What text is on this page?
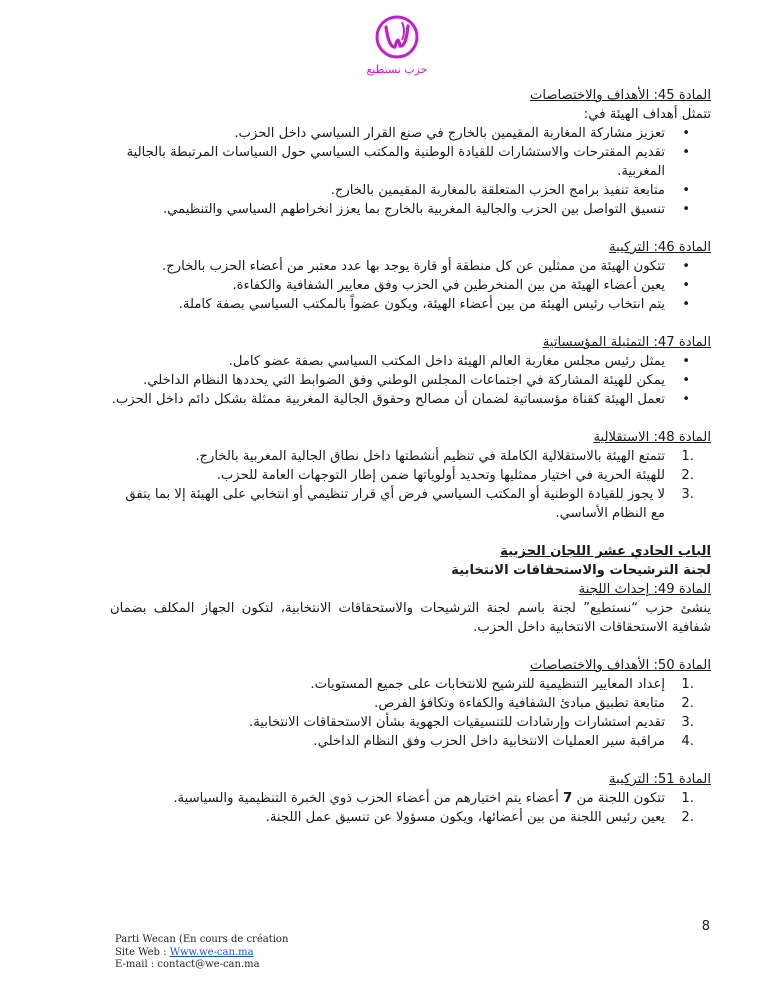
حزب نستطيع

المادة 45: الأهداف والاختصاصات

تتمثل أهداف الهيئة في:

• تعزيز مشاركة المغاربة المقيمين بالخارج في صنع القرار السياسي داخل الحزب.
• تقديم المقترحات والاستشارات للقيادة الوطنية والمكتب السياسي حول السياسات المرتبطة بالجالية المغربية.
• متابعة تنفيذ برامج الحزب المتعلقة بالمغاربة المقيمين بالخارج.
• تنسيق التواصل بين الحزب والجالية المغربية بالخارج بما يعزز انخراطهم السياسي والتنظيمي.

المادة 46: التركيبة

• تتكون الهيئة من ممثلين عن كل منطقة أو قارة يوجد بها عدد معتبر من أعضاء الحزب بالخارج.
• يعين أعضاء الهيئة من بين المنخرطين في الحزب وفق معايير الشفافية والكفاءة.
• يتم انتخاب رئيس الهيئة من بين أعضاء الهيئة، ويكون عضواً بالمكتب السياسي بصفة كاملة.

المادة 47: التمثيلة المؤسساتية

• يمثل رئيس مجلس مغاربة العالم الهيئة داخل المكتب السياسي بصفة عضو كامل.
• يمكن للهيئة المشاركة في اجتماعات المجلس الوطني وفق الضوابط التي يحددها النظام الداخلي.
• تعمل الهيئة كقناة مؤسساتية لضمان أن مصالح وحقوق الجالية المغربية ممثلة بشكل دائم داخل الحزب.

المادة 48: الاستقلالية

1.
تتمتع الهيئة بالاستقلالية الكاملة في تنظيم أنشطتها داخل نطاق الجالية المغربية بالخارج.
2.
للهيئة الحرية في اختيار ممثليها وتحديد أولوياتها ضمن إطار التوجهات العامة للحزب.
3.
لا يجوز للقيادة الوطنية أو المكتب السياسي فرض أي قرار تنظيمي أو انتخابي على الهيئة إلا بما يتفق مع النظام الأساسي.

الباب الحادي عشر اللجان الحزبية

لجنة الترشيحات والاستحقاقات الانتخابية

المادة 49: إحداث اللجنة

ينشئ حزب “نستطيع” لجنة باسم لجنة الترشيحات والاستحقاقات الانتخابية، لتكون الجهاز المكلف بضمان شفافية الاستحقاقات الانتخابية داخل الحزب.

المادة 50: الأهداف والاختصاصات

1.
إعداد المعايير التنظيمية للترشيح للانتخابات على جميع المستويات.
2.
متابعة تطبيق مبادئ الشفافية والكفاءة وتكافؤ الفرص.
3.
تقديم استشارات وإرشادات للتنسيقيات الجهوية بشأن الاستحقاقات الانتخابية.
4.
مراقبة سير العمليات الانتخابية داخل الحزب وفق النظام الداخلي.

المادة 51: التركيبة

1.
تتكون اللجنة من 7 أعضاء يتم اختيارهم من أعضاء الحزب ذوي الخبرة التنظيمية والسياسية.
2.
يعين رئيس اللجنة من بين أعضائها، ويكون مسؤولا عن تنسيق عمل اللجنة.
8
Parti Wecan (En cours de création
Site Web : Www.we-can.ma
E-mail : contact@we-can.ma
